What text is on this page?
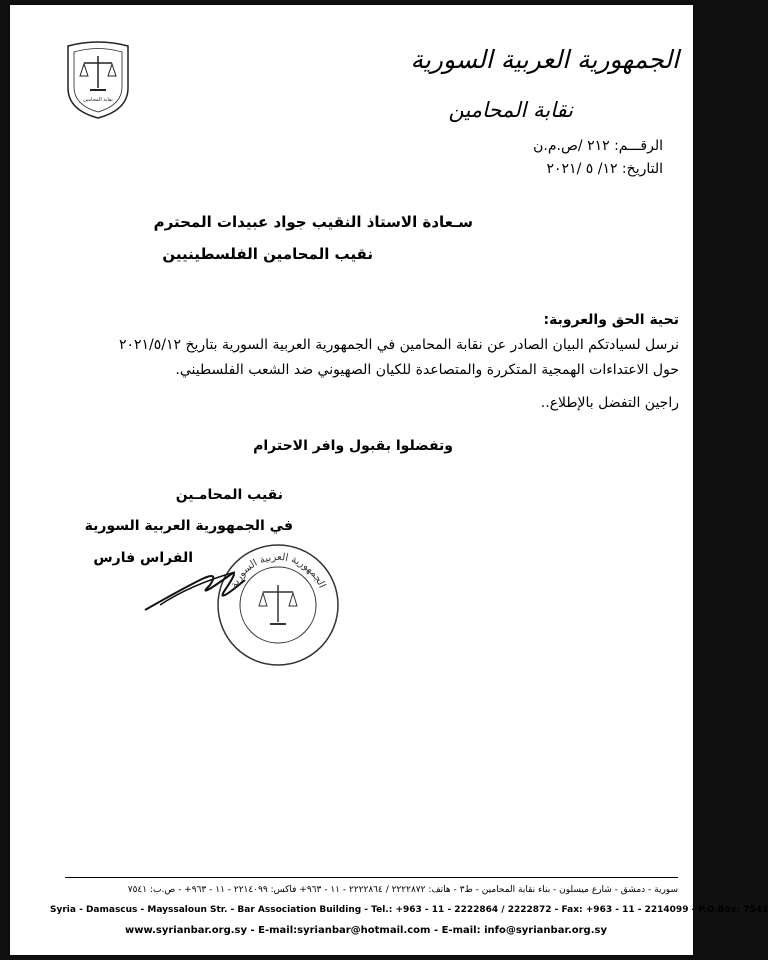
نقابة المحامين
الجمهورية العربية السورية
نقابة المحامين
الرقـــم: ٢١٢ /ص.م.ن
التاريخ: ١٢/ ٥ /٢٠٢١
سـعادة الاستاذ النقيب جواد عبيدات المحترم
نقيب المحامين الفلسطينيين
تحية الحق والعروبة:
نرسل لسيادتكم البيان الصادر عن نقابة المحامين في الجمهورية العربية السورية بتاريخ ٢٠٢١/٥/١٢
حول الاعتداءات الهمجية المتكررة والمتصاعدة للكيان الصهيوني ضد الشعب الفلسطيني.
راجين التفضل بالإطلاع..
وتفضلوا بقبول وافر الاحترام
نقيب المحامـين
في الجمهورية العربية السورية
الفراس فارس
الجمهورية العربية السورية
سورية - دمشق - شارع ميسلون - بناء نقابة المحامين - ط٣ - هاتف: ٢٢٢٢٨٧٢ / ٢٢٢٢٨٦٤ - ١١ - ٩٦٣+ فاكس: ٢٢١٤٠٩٩ - ١١ - ٩٦٣+ - ص.ب: ٧٥٤١
Syria - Damascus - Mayssaloun Str. - Bar Association Building - Tel.: +963 - 11 - 2222864 / 2222872 - Fax: +963 - 11 - 2214099 - P.O.Box: 7541
www.syrianbar.org.sy - E-mail:syrianbar@hotmail.com - E-mail: info@syrianbar.org.sy
